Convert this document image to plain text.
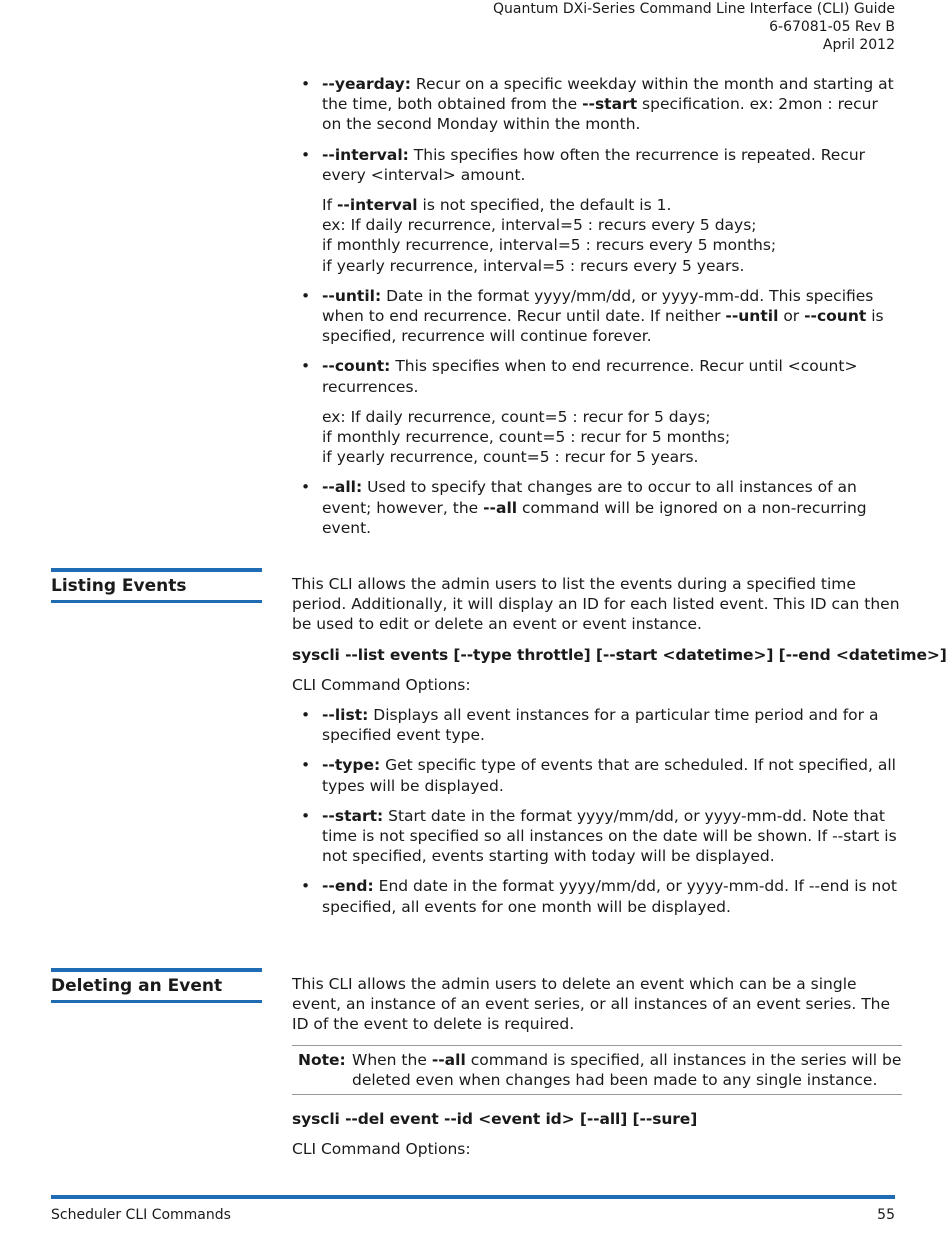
Quantum DXi-Series Command Line Interface (CLI) Guide
6-67081-05 Rev B
April 2012
• --yearday: Recur on a specific weekday within the month and starting at the time, both obtained from the --start specification. ex: 2mon : recur on the second Monday within the month.

• --interval: This specifies how often the recurrence is repeated. Recur every <interval> amount.

If --interval is not specified, the default is 1.
ex: If daily recurrence, interval=5 : recurs every 5 days;
if monthly recurrence, interval=5 : recurs every 5 months;
if yearly recurrence, interval=5 : recurs every 5 years.

• --until: Date in the format yyyy/mm/dd, or yyyy-mm-dd. This specifies when to end recurrence. Recur until date. If neither --until or --count is specified, recurrence will continue forever.

• --count: This specifies when to end recurrence. Recur until <count> recurrences.

ex: If daily recurrence, count=5 : recur for 5 days;
if monthly recurrence, count=5 : recur for 5 months;
if yearly recurrence, count=5 : recur for 5 years.

• --all: Used to specify that changes are to occur to all instances of an event; however, the --all command will be ignored on a non-recurring event.

Listing Events	This CLI allows the admin users to list the events during a specified time period. Additionally, it will display an ID for each listed event. This ID can then be used to edit or delete an event or event instance.

syscli --list events [--type throttle] [--start <datetime>] [--end <datetime>]

CLI Command Options:

• --list: Displays all event instances for a particular time period and for a specified event type.

• --type: Get specific type of events that are scheduled. If not specified, all types will be displayed.

• --start: Start date in the format yyyy/mm/dd, or yyyy-mm-dd. Note that time is not specified so all instances on the date will be shown. If --start is not specified, events starting with today will be displayed.

• --end: End date in the format yyyy/mm/dd, or yyyy-mm-dd. If --end is not specified, all events for one month will be displayed.

Deleting an Event	This CLI allows the admin users to delete an event which can be a single event, an instance of an event series, or all instances of an event series. The ID of the event to delete is required.

Note: When the --all command is specified, all instances in the series will be deleted even when changes had been made to any single instance.

syscli --del event --id <event id> [--all] [--sure]

CLI Command Options:

Scheduler CLI Commands	55
